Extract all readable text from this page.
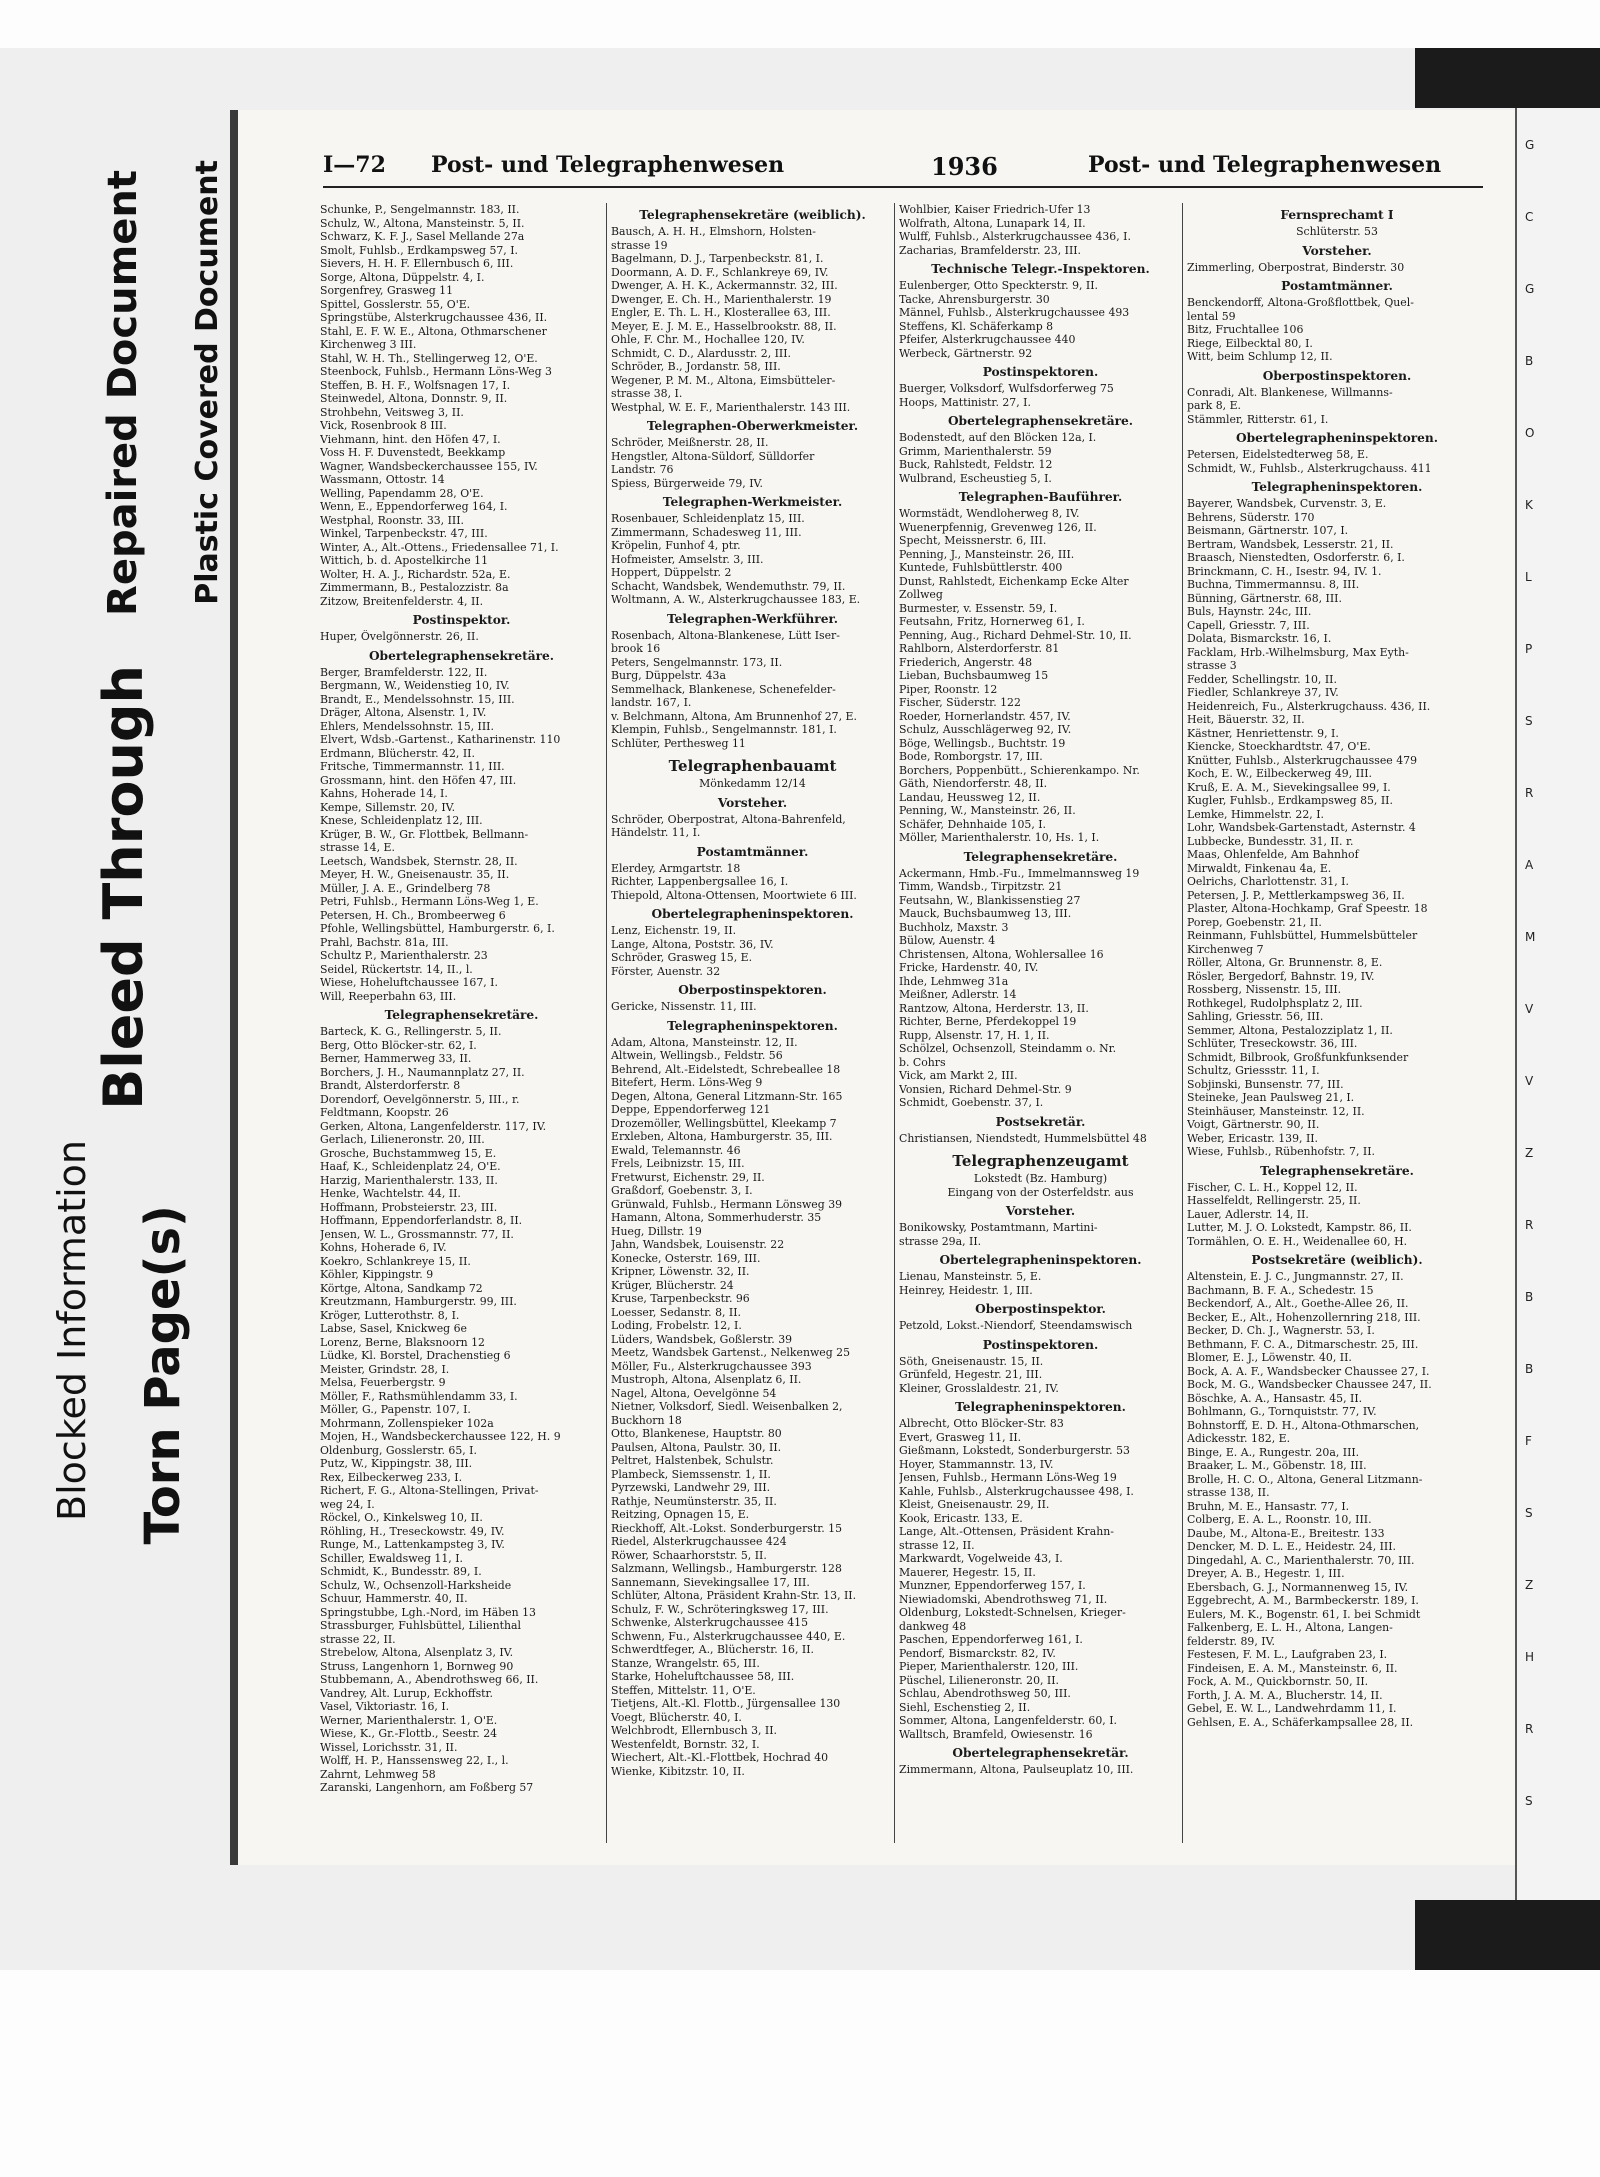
Repaired Document Plastic Covered Document
Bleed Through
Blocked Information Torn Page(s)
I—72 Post- und Telegraphenwesen	1936	Post- und Telegraphenwesen
Schunke, P., Sengelmannstr. 183, II.
Schulz, W., Altona, Mansteinstr. 5, II.
Schwarz, K. F. J., Sasel Mellande 27a
Smolt, Fuhlsb., Erdkampsweg 57, I.
Sievers, H. H. F. Ellernbusch 6, III.
Sorge, Altona, Düppelstr. 4, I.
Sorgenfrey, Grasweg 11
Spittel, Gosslerstr. 55, O'E.
Springstübe, Alsterkrugchaussee 436, II.
Stahl, E. F. W. E., Altona, Othmarschener
Kirchenweg 3 III.
Stahl, W. H. Th., Stellingerweg 12, O'E.
Steenbock, Fuhlsb., Hermann Löns-Weg 3
Steffen, B. H. F., Wolfsnagen 17, I.
Steinwedel, Altona, Donnstr. 9, II.
Strohbehn, Veitsweg 3, II.
Vick, Rosenbrook 8 III.
Viehmann, hint. den Höfen 47, I.
Voss H. F. Duvenstedt, Beekkamp
Wagner, Wandsbeckerchaussee 155, IV.
Wassmann, Ottostr. 14
Welling, Papendamm 28, O'E.
Wenn, E., Eppendorferweg 164, I.
Westphal, Roonstr. 33, III.
Winkel, Tarpenbeckstr. 47, III.
Winter, A., Alt.-Ottens., Friedensallee 71, I.
Wittich, b. d. Apostelkirche 11
Wolter, H. A. J., Richardstr. 52a, E.
Zimmermann, B., Pestalozzistr. 8a
Zitzow, Breitenfelderstr. 4, II.
Postinspektor.
Huper, Övelgönnerstr. 26, II.
Obertelegraphensekretäre.
Berger, Bramfelderstr. 122, II.
Bergmann, W., Weidenstieg 10, IV.
Brandt, E., Mendelssohnstr. 15, III.
Dräger, Altona, Alsenstr. 1, IV.
Ehlers, Mendelssohnstr. 15, III.
Elvert, Wdsb.-Gartenst., Katharinenstr. 110
Erdmann, Blücherstr. 42, II.
Fritsche, Timmermannstr. 11, III.
Grossmann, hint. den Höfen 47, III.
Kahns, Hoherade 14, I.
Kempe, Sillemstr. 20, IV.
Knese, Schleidenplatz 12, III.
Krüger, B. W., Gr. Flottbek, Bellmann-
strasse 14, E.
Leetsch, Wandsbek, Sternstr. 28, II.
Meyer, H. W., Gneisenaustr. 35, II.
Müller, J. A. E., Grindelberg 78
Petri, Fuhlsb., Hermann Löns-Weg 1, E.
Petersen, H. Ch., Brombeerweg 6
Pfohle, Wellingsbüttel, Hamburgerstr. 6, I.
Prahl, Bachstr. 81a, III.
Schultz P., Marienthalerstr. 23
Seidel, Rückertstr. 14, II., l.
Wiese, Hoheluftchaussee 167, I.
Will, Reeperbahn 63, III.
Telegraphensekretäre.
Barteck, K. G., Rellingerstr. 5, II.
Berg, Otto Blöcker-str. 62, I.
Berner, Hammerweg 33, II.
Borchers, J. H., Naumannplatz 27, II.
Brandt, Alsterdorferstr. 8
Dorendorf, Oevelgönnerstr. 5, III., r.
Feldtmann, Koopstr. 26
Gerken, Altona, Langenfelderstr. 117, IV.
Gerlach, Lilieneronstr. 20, III.
Grosche, Buchstammweg 15, E.
Haaf, K., Schleidenplatz 24, O'E.
Harzig, Marienthalerstr. 133, II.
Henke, Wachtelstr. 44, II.
Hoffmann, Probsteierstr. 23, III.
Hoffmann, Eppendorferlandstr. 8, II.
Jensen, W. L., Grossmannstr. 77, II.
Kohns, Hoherade 6, IV.
Koekro, Schlankreye 15, II.
Köhler, Kippingstr. 9
Körtge, Altona, Sandkamp 72
Kreutzmann, Hamburgerstr. 99, III.
Kröger, Lutterothstr. 8, I.
Labse, Sasel, Knickweg 6e
Lorenz, Berne, Blaksnoorn 12
Lüdke, Kl. Borstel, Drachenstieg 6
Meister, Grindstr. 28, I.
Melsa, Feuerbergstr. 9
Möller, F., Rathsmühlendamm 33, I.
Möller, G., Papenstr. 107, I.
Mohrmann, Zollenspieker 102a
Mojen, H., Wandsbeckerchaussee 122, H. 9
Oldenburg, Gosslerstr. 65, I.
Putz, W., Kippingstr. 38, III.
Rex, Eilbeckerweg 233, I.
Richert, F. G., Altona-Stellingen, Privat-
weg 24, I.
Röckel, O., Kinkelsweg 10, II.
Röhling, H., Treseckowstr. 49, IV.
Runge, M., Lattenkampsteg 3, IV.
Schiller, Ewaldsweg 11, I.
Schmidt, K., Bundesstr. 89, I.
Schulz, W., Ochsenzoll-Harksheide
Schuur, Hammerstr. 40, II.
Springstubbe, Lgh.-Nord, im Häben 13
Strassburger, Fuhlsbüttel, Lilienthal
strasse 22, II.
Strebelow, Altona, Alsenplatz 3, IV.
Struss, Langenhorn 1, Bornweg 90
Stubbemann, A., Abendrothsweg 66, II.
Vandrey, Alt. Lurup, Eckhoffstr.
Vasel, Viktoriastr. 16, I.
Werner, Marienthalerstr. 1, O'E.
Wiese, K., Gr.-Flottb., Seestr. 24
Wissel, Lorichsstr. 31, II.
Wolff, H. P., Hanssensweg 22, I., l.
Zahrnt, Lehmweg 58
Zaranski, Langenhorn, am Foßberg 57
Telegraphensekretäre (weiblich).
Bausch, A. H. H., Elmshorn, Holsten-
strasse 19
Bagelmann, D. J., Tarpenbeckstr. 81, I.
Doormann, A. D. F., Schlankreye 69, IV.
Dwenger, A. H. K., Ackermannstr. 32, III.
Dwenger, E. Ch. H., Marienthalerstr. 19
Engler, E. Th. L. H., Klosterallee 63, III.
Meyer, E. J. M. E., Hasselbrookstr. 88, II.
Ohle, F. Chr. M., Hochallee 120, IV.
Schmidt, C. D., Alardusstr. 2, III.
Schröder, B., Jordanstr. 58, III.
Wegener, P. M. M., Altona, Eimsbütteler-
strasse 38, I.
Westphal, W. E. F., Marienthalerstr. 143 III.
Telegraphen-Oberwerkmeister.
Schröder, Meißnerstr. 28, II.
Hengstler, Altona-Süldorf, Sülldorfer
Landstr. 76
Spiess, Bürgerweide 79, IV.
Telegraphen-Werkmeister.
Rosenbauer, Schleidenplatz 15, III.
Zimmermann, Schadesweg 11, III.
Kröpelin, Funhof 4, ptr.
Hofmeister, Amselstr. 3, III.
Hoppert, Düppelstr. 2
Schacht, Wandsbek, Wendemuthstr. 79, II.
Woltmann, A. W., Alsterkrugchaussee 183, E.
Telegraphen-Werkführer.
Rosenbach, Altona-Blankenese, Lütt Iser-
brook 16
Peters, Sengelmannstr. 173, II.
Burg, Düppelstr. 43a
Semmelhack, Blankenese, Schenefelder-
landstr. 167, I.
v. Belchmann, Altona, Am Brunnenhof 27, E.
Klempin, Fuhlsb., Sengelmannstr. 181, I.
Schlüter, Perthesweg 11
Telegraphenbauamt
Mönkedamm 12/14
Vorsteher.
Schröder, Oberpostrat, Altona-Bahrenfeld,
Händelstr. 11, I.
Postamtmänner.
Elerdey, Armgartstr. 18
Richter, Lappenbergsallee 16, I.
Thiepold, Altona-Ottensen, Moortwiete 6 III.
Obertelegrapheninspektoren.
Lenz, Eichenstr. 19, II.
Lange, Altona, Poststr. 36, IV.
Schröder, Grasweg 15, E.
Förster, Auenstr. 32
Oberpostinspektoren.
Gericke, Nissenstr. 11, III.
Telegrapheninspektoren.
Adam, Altona, Mansteinstr. 12, II.
Altwein, Wellingsb., Feldstr. 56
Behrend, Alt.-Eidelstedt, Schrebeallee 18
Bitefert, Herm. Löns-Weg 9
Degen, Altona, General Litzmann-Str. 165
Deppe, Eppendorferweg 121
Drozemöller, Wellingsbüttel, Kleekamp 7
Erxleben, Altona, Hamburgerstr. 35, III.
Ewald, Telemannstr. 46
Frels, Leibnizstr. 15, III.
Fretwurst, Eichenstr. 29, II.
Graßdorf, Goebenstr. 3, I.
Grünwald, Fuhlsb., Hermann Lönsweg 39
Hamann, Altona, Sommerhuderstr. 35
Hueg, Dillstr. 19
Jahn, Wandsbek, Louisenstr. 22
Konecke, Osterstr. 169, III.
Kripner, Löwenstr. 32, II.
Krüger, Blücherstr. 24
Kruse, Tarpenbeckstr. 96
Loesser, Sedanstr. 8, II.
Loding, Frobelstr. 12, I.
Lüders, Wandsbek, Goßlerstr. 39
Meetz, Wandsbek Gartenst., Nelkenweg 25
Möller, Fu., Alsterkrugchaussee 393
Mustroph, Altona, Alsenplatz 6, II.
Nagel, Altona, Oevelgönne 54
Nietner, Volksdorf, Siedl. Weisenbalken 2,
Buckhorn 18
Otto, Blankenese, Hauptstr. 80
Paulsen, Altona, Paulstr. 30, II.
Peltret, Halstenbek, Schulstr.
Plambeck, Siemssenstr. 1, II.
Pyrzewski, Landwehr 29, III.
Rathje, Neumünsterstr. 35, II.
Reitzing, Opnagen 15, E.
Rieckhoff, Alt.-Lokst. Sonderburgerstr. 15
Riedel, Alsterkrugchaussee 424
Röwer, Schaarhorststr. 5, II.
Salzmann, Wellingsb., Hamburgerstr. 128
Sannemann, Sievekingsallee 17, III.
Schlüter, Altona, Präsident Krahn-Str. 13, II.
Schulz, F. W., Schröteringksweg 17, III.
Schwenke, Alsterkrugchaussee 415
Schwenn, Fu., Alsterkrugchaussee 440, E.
Schwerdtfeger, A., Blücherstr. 16, II.
Stanze, Wrangelstr. 65, III.
Starke, Hoheluftchaussee 58, III.
Steffen, Mittelstr. 11, O'E.
Tietjens, Alt.-Kl. Flottb., Jürgensallee 130
Voegt, Blücherstr. 40, I.
Welchbrodt, Ellernbusch 3, II.
Westenfeldt, Bornstr. 32, I.
Wiechert, Alt.-Kl.-Flottbek, Hochrad 40
Wienke, Kibitzstr. 10, II.
Wohlbier, Kaiser Friedrich-Ufer 13
Wolfrath, Altona, Lunapark 14, II.
Wulff, Fuhlsb., Alsterkrugchaussee 436, I.
Zacharias, Bramfelderstr. 23, III.
Technische Telegr.-Inspektoren.
Eulenberger, Otto Speckterstr. 9, II.
Tacke, Ahrensburgerstr. 30
Männel, Fuhlsb., Alsterkrugchaussee 493
Steffens, Kl. Schäferkamp 8
Pfeifer, Alsterkrugchaussee 440
Werbeck, Gärtnerstr. 92
Postinspektoren.
Buerger, Volksdorf, Wulfsdorferweg 75
Hoops, Mattinistr. 27, I.
Obertelegraphensekretäre.
Bodenstedt, auf den Blöcken 12a, I.
Grimm, Marienthalerstr. 59
Buck, Rahlstedt, Feldstr. 12
Wulbrand, Escheustieg 5, I.
Telegraphen-Bauführer.
Wormstädt, Wendloherweg 8, IV.
Wuenerpfennig, Grevenweg 126, II.
Specht, Meissnerstr. 6, III.
Penning, J., Mansteinstr. 26, III.
Kuntede, Fuhlsbüttlerstr. 400
Dunst, Rahlstedt, Eichenkamp Ecke Alter
Zollweg
Burmester, v. Essenstr. 59, I.
Feutsahn, Fritz, Hornerweg 61, I.
Penning, Aug., Richard Dehmel-Str. 10, II.
Rahlborn, Alsterdorferstr. 81
Friederich, Angerstr. 48
Lieban, Buchsbaumweg 15
Piper, Roonstr. 12
Fischer, Süderstr. 122
Roeder, Hornerlandstr. 457, IV.
Schulz, Ausschlägerweg 92, IV.
Böge, Wellingsb., Buchtstr. 19
Bode, Romborgstr. 17, III.
Borchers, Poppenbütt., Schierenkampo. Nr.
Gäth, Niendorferstr. 48, II.
Landau, Heussweg 12, II.
Penning, W., Mansteinstr. 26, II.
Schäfer, Dehnhaide 105, I.
Möller, Marienthalerstr. 10, Hs. 1, I.
Telegraphensekretäre.
Ackermann, Hmb.-Fu., Immelmannsweg 19
Timm, Wandsb., Tirpitzstr. 21
Feutsahn, W., Blankissenstieg 27
Mauck, Buchsbaumweg 13, III.
Buchholz, Maxstr. 3
Bülow, Auenstr. 4
Christensen, Altona, Wohlersallee 16
Fricke, Hardenstr. 40, IV.
Ihde, Lehmweg 31a
Meißner, Adlerstr. 14
Rantzow, Altona, Herderstr. 13, II.
Richter, Berne, Pferdekoppel 19
Rupp, Alsenstr. 17, H. 1, II.
Schölzel, Ochsenzoll, Steindamm o. Nr.
b. Cohrs
Vick, am Markt 2, III.
Vonsien, Richard Dehmel-Str. 9
Schmidt, Goebenstr. 37, I.
Postsekretär.
Christiansen, Niendstedt, Hummelsbüttel 48
Telegraphenzeugamt
Lokstedt (Bz. Hamburg)
Eingang von der Osterfeldstr. aus
Vorsteher.
Bonikowsky, Postamtmann, Martini-
strasse 29a, II.
Obertelegrapheninspektoren.
Lienau, Mansteinstr. 5, E.
Heinrey, Heidestr. 1, III.
Oberpostinspektor.
Petzold, Lokst.-Niendorf, Steendamswisch
Postinspektoren.
Söth, Gneisenaustr. 15, II.
Grünfeld, Hegestr. 21, III.
Kleiner, Grosslaldestr. 21, IV.
Telegrapheninspektoren.
Albrecht, Otto Blöcker-Str. 83
Evert, Grasweg 11, II.
Gießmann, Lokstedt, Sonderburgerstr. 53
Hoyer, Stammannstr. 13, IV.
Jensen, Fuhlsb., Hermann Löns-Weg 19
Kahle, Fuhlsb., Alsterkrugchaussee 498, I.
Kleist, Gneisenaustr. 29, II.
Kook, Ericastr. 133, E.
Lange, Alt.-Ottensen, Präsident Krahn-
strasse 12, II.
Markwardt, Vogelweide 43, I.
Mauerer, Hegestr. 15, II.
Munzner, Eppendorferweg 157, I.
Niewiadomski, Abendrothsweg 71, II.
Oldenburg, Lokstedt-Schnelsen, Krieger-
dankweg 48
Paschen, Eppendorferweg 161, I.
Pendorf, Bismarckstr. 82, IV.
Pieper, Marienthalerstr. 120, III.
Püschel, Lilieneronstr. 20, II.
Schlau, Abendrothsweg 50, III.
Siehl, Eschenstieg 2, II.
Sommer, Altona, Langenfelderstr. 60, I.
Walltsch, Bramfeld, Owiesenstr. 16
Obertelegraphensekretär.
Zimmermann, Altona, Paulseuplatz 10, III.
Fernsprechamt I
Schlüterstr. 53
Vorsteher.
Zimmerling, Oberpostrat, Binderstr. 30
Postamtmänner.
Benckendorff, Altona-Großflottbek, Quel-
lental 59
Bitz, Fruchtallee 106
Riege, Eilbecktal 80, I.
Witt, beim Schlump 12, II.
Oberpostinspektoren.
Conradi, Alt. Blankenese, Willmanns-
park 8, E.
Stämmler, Ritterstr. 61, I.
Obertelegrapheninspektoren.
Petersen, Eidelstedterweg 58, E.
Schmidt, W., Fuhlsb., Alsterkrugchauss. 411
Telegrapheninspektoren.
Bayerer, Wandsbek, Curvenstr. 3, E.
Behrens, Süderstr. 170
Beismann, Gärtnerstr. 107, I.
Bertram, Wandsbek, Lesserstr. 21, II.
Braasch, Nienstedten, Osdorferstr. 6, I.
Brinckmann, C. H., Isestr. 94, IV. 1.
Buchna, Timmermannsu. 8, III.
Bünning, Gärtnerstr. 68, III.
Buls, Haynstr. 24c, III.
Capell, Griesstr. 7, III.
Dolata, Bismarckstr. 16, I.
Facklam, Hrb.-Wilhelmsburg, Max Eyth-
strasse 3
Fedder, Schellingstr. 10, II.
Fiedler, Schlankreye 37, IV.
Heidenreich, Fu., Alsterkrugchauss. 436, II.
Heit, Bäuerstr. 32, II.
Kästner, Henriettenstr. 9, I.
Kiencke, Stoeckhardtstr. 47, O'E.
Knütter, Fuhlsb., Alsterkrugchaussee 479
Koch, E. W., Eilbeckerweg 49, III.
Kruß, E. A. M., Sievekingsallee 99, I.
Kugler, Fuhlsb., Erdkampsweg 85, II.
Lemke, Himmelstr. 22, I.
Lohr, Wandsbek-Gartenstadt, Asternstr. 4
Lubbecke, Bundesstr. 31, II. r.
Maas, Ohlenfelde, Am Bahnhof
Mirwaldt, Finkenau 4a, E.
Oelrichs, Charlottenstr. 31, I.
Petersen, J. P., Mettlerkampsweg 36, II.
Plaster, Altona-Hochkamp, Graf Speestr. 18
Porep, Goebenstr. 21, II.
Reinmann, Fuhlsbüttel, Hummelsbütteler
Kirchenweg 7
Röller, Altona, Gr. Brunnenstr. 8, E.
Rösler, Bergedorf, Bahnstr. 19, IV.
Rossberg, Nissenstr. 15, III.
Rothkegel, Rudolphsplatz 2, III.
Sahling, Griesstr. 56, III.
Semmer, Altona, Pestalozziplatz 1, II.
Schlüter, Treseckowstr. 36, III.
Schmidt, Bilbrook, Großfunkfunksender
Schultz, Griessstr. 11, I.
Sobjinski, Bunsenstr. 77, III.
Steineke, Jean Paulsweg 21, I.
Steinhäuser, Mansteinstr. 12, II.
Voigt, Gärtnerstr. 90, II.
Weber, Ericastr. 139, II.
Wiese, Fuhlsb., Rübenhofstr. 7, II.
Telegraphensekretäre.
Fischer, C. L. H., Koppel 12, II.
Hasselfeldt, Rellingerstr. 25, II.
Lauer, Adlerstr. 14, II.
Lutter, M. J. O. Lokstedt, Kampstr. 86, II.
Tormählen, O. E. H., Weidenallee 60, H.
Postsekretäre (weiblich).
Altenstein, E. J. C., Jungmannstr. 27, II.
Bachmann, B. F. A., Schedestr. 15
Beckendorf, A., Alt., Goethe-Allee 26, II.
Becker, E., Alt., Hohenzollernring 218, III.
Becker, D. Ch. J., Wagnerstr. 53, I.
Bethmann, F. C. A., Ditmarschestr. 25, III.
Blomer, E. J., Löwenstr. 40, II.
Bock, A. A. F., Wandsbecker Chaussee 27, I.
Bock, M. G., Wandsbecker Chaussee 247, II.
Böschke, A. A., Hansastr. 45, II.
Bohlmann, G., Tornquiststr. 77, IV.
Bohnstorff, E. D. H., Altona-Othmarschen,
Adickesstr. 182, E.
Binge, E. A., Rungestr. 20a, III.
Braaker, L. M., Göbenstr. 18, III.
Brolle, H. C. O., Altona, General Litzmann-
strasse 138, II.
Bruhn, M. E., Hansastr. 77, I.
Colberg, E. A. L., Roonstr. 10, III.
Daube, M., Altona-E., Breitestr. 133
Dencker, M. D. L. E., Heidestr. 24, III.
Dingedahl, A. C., Marienthalerstr. 70, III.
Dreyer, A. B., Hegestr. 1, III.
Ebersbach, G. J., Normannenweg 15, IV.
Eggebrecht, A. M., Barmbeckerstr. 189, I.
Eulers, M. K., Bogenstr. 61, I. bei Schmidt
Falkenberg, E. L. H., Altona, Langen-
felderstr. 89, IV.
Festesen, F. M. L., Laufgraben 23, I.
Findeisen, E. A. M., Mansteinstr. 6, II.
Fock, A. M., Quickbornstr. 50, II.
Forth, J. A. M. A., Blucherstr. 14, II.
Gebel, E. W. L., Landwehrdamm 11, I.
Gehlsen, E. A., Schäferkampsallee 28, II.
G
C
G
B
O
K
L
P
S
R
A
M
V
V
Z
R
B
B
F
S
Z
H
R
S
